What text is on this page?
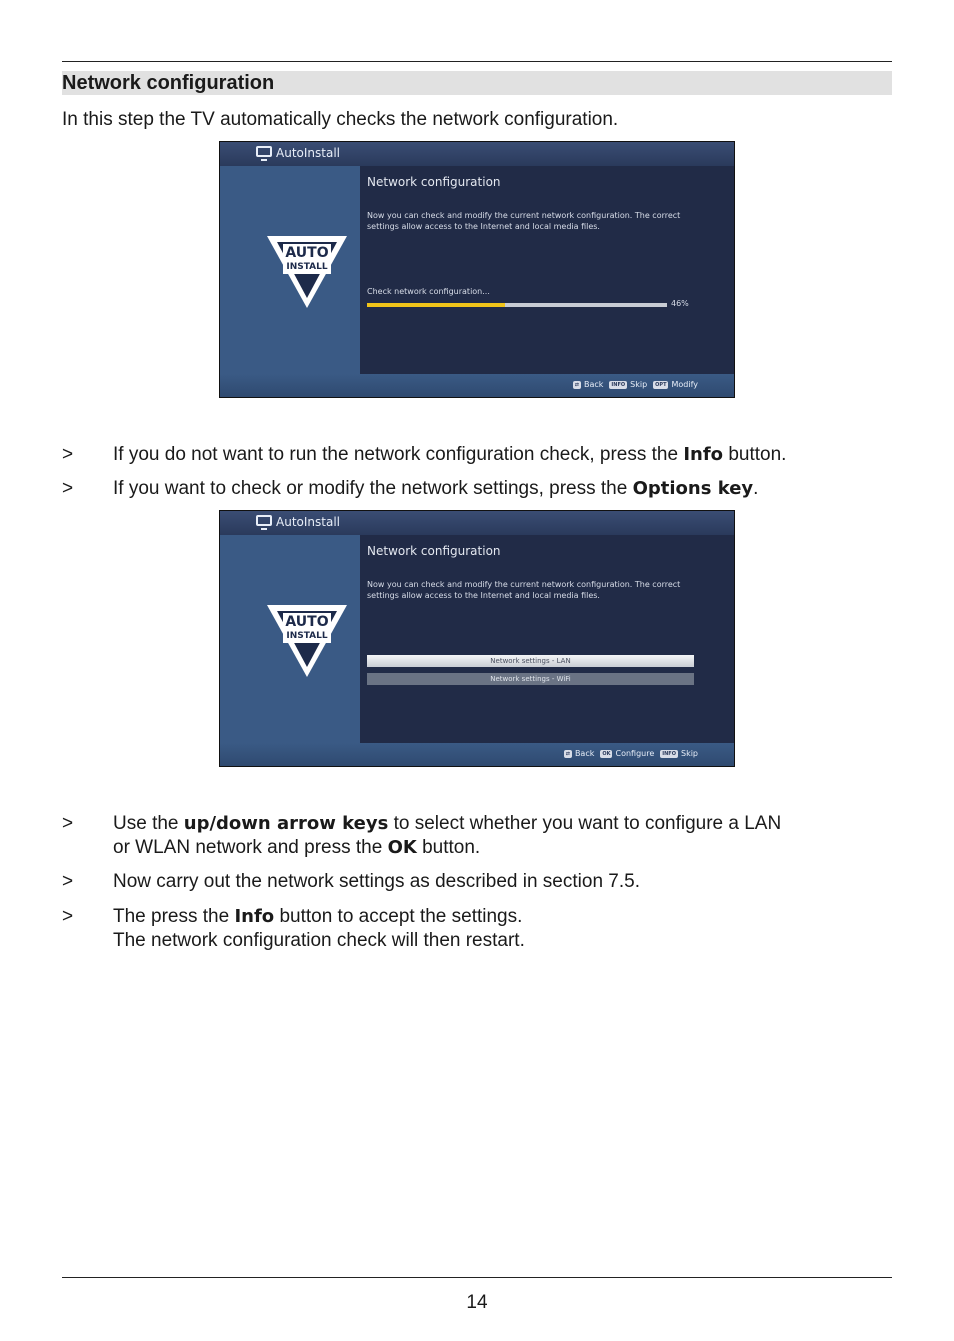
Network configuration
In this step the TV automatically checks the network configuration.
AutoInstall
AUTO
INSTALL
Network configuration
Now you can check and modify the current network configuration. The correct settings allow access to the Internet and local media files.
Check network configuration...
46%
⇄ Back	INFO Skip	OPT Modify
> If you do not want to run the network configuration check, press the Info button.
> If you want to check or modify the network settings, press the Options key.
AutoInstall
AUTO
INSTALL
Network configuration
Now you can check and modify the current network configuration. The correct settings allow access to the Internet and local media files.
Network settings - LAN
Network settings - WiFi
⇄ Back	OK Configure	INFO Skip
> Use the up/down arrow keys to select whether you want to configure a LAN
or WLAN network and press the OK button.
> Now carry out the network settings as described in section 7.5.
> The press the Info button to accept the settings.
The network configuration check will then restart.
14
